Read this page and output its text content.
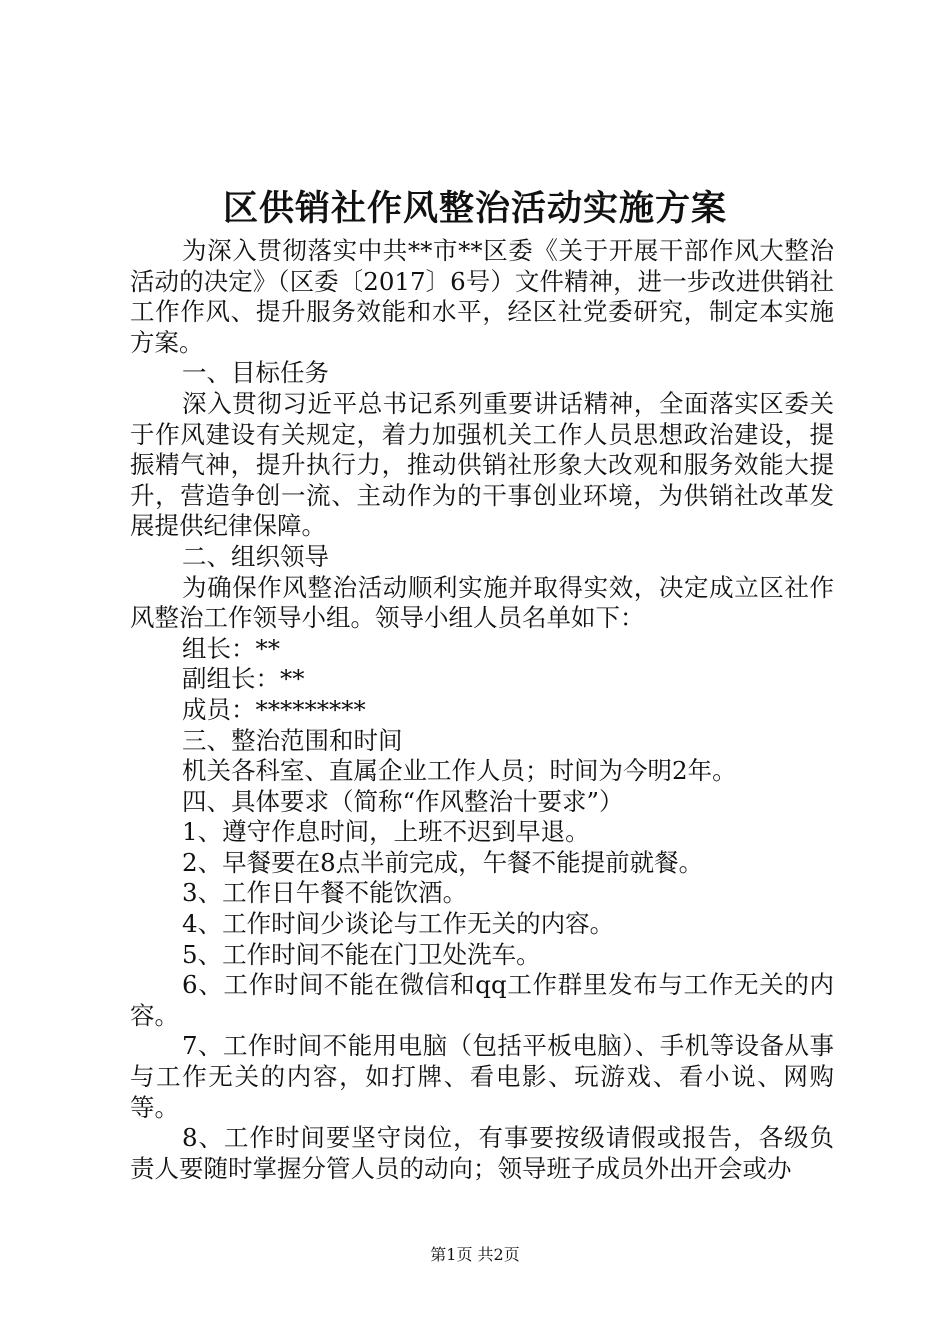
区供销社作风整治活动实施方案

为深入贯彻落实中共**市**区委《关于开展干部作风大整治活动的决定》（区委〔2017〕6号）文件精神，进一步改进供销社工作作风、提升服务效能和水平，经区社党委研究，制定本实施方案。

一、目标任务

深入贯彻习近平总书记系列重要讲话精神，全面落实区委关于作风建设有关规定，着力加强机关工作人员思想政治建设，提振精气神，提升执行力，推动供销社形象大改观和服务效能大提升，营造争创一流、主动作为的干事创业环境，为供销社改革发展提供纪律保障。

二、组织领导

为确保作风整治活动顺利实施并取得实效，决定成立区社作风整治工作领导小组。领导小组人员名单如下：

组长：**

副组长：**

成员：*********

三、整治范围和时间

机关各科室、直属企业工作人员；时间为今明2年。

四、具体要求（简称“作风整治十要求”）

1、遵守作息时间，上班不迟到早退。

2、早餐要在8点半前完成，午餐不能提前就餐。

3、工作日午餐不能饮酒。

4、工作时间少谈论与工作无关的内容。

5、工作时间不能在门卫处洗车。

6、工作时间不能在微信和qq工作群里发布与工作无关的内容。

7、工作时间不能用电脑（包括平板电脑）、手机等设备从事与工作无关的内容，如打牌、看电影、玩游戏、看小说、网购等。

8、工作时间要坚守岗位，有事要按级请假或报告，各级负责人要随时掌握分管人员的动向；领导班子成员外出开会或办

第1页 共2页
